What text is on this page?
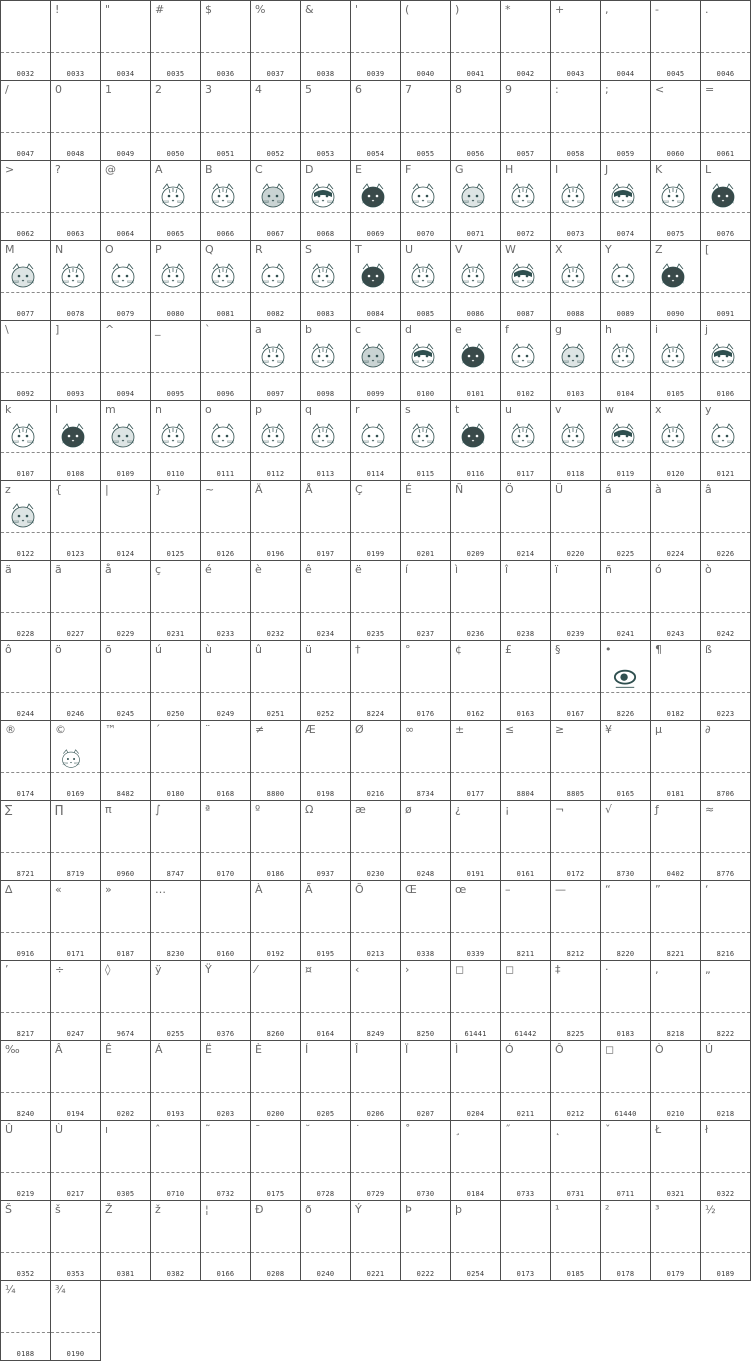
0032
!
0033
"
0034
#
0035
$
0036
%
0037
&
0038
'
0039
(
0040
)
0041
*
0042
+
0043
,
0044
-
0045
.
0046
/
0047
0
0048
1
0049
2
0050
3
0051
4
0052
5
0053
6
0054
7
0055
8
0056
9
0057
:
0058
;
0059
<
0060
=
0061
>
0062
?
0063
@
0064
A
0065
B
0066
C
0067
D
0068
E
0069
F
0070
G
0071
H
0072
I
0073
J
0074
K
0075
L
0076
M
0077
N
0078
O
0079
P
0080
Q
0081
R
0082
S
0083
T
0084
U
0085
V
0086
W
0087
X
0088
Y
0089
Z
0090
[
0091
\
0092
]
0093
^
0094
_
0095
`
0096
a
0097
b
0098
c
0099
d
0100
e
0101
f
0102
g
0103
h
0104
i
0105
j
0106
k
0107
l
0108
m
0109
n
0110
o
0111
p
0112
q
0113
r
0114
s
0115
t
0116
u
0117
v
0118
w
0119
x
0120
y
0121
z
0122
{
0123
|
0124
}
0125
~
0126
Ä
0196
Å
0197
Ç
0199
É
0201
Ñ
0209
Ö
0214
Ü
0220
á
0225
à
0224
â
0226
ä
0228
ã
0227
å
0229
ç
0231
é
0233
è
0232
ê
0234
ë
0235
í
0237
ì
0236
î
0238
ï
0239
ñ
0241
ó
0243
ò
0242
ô
0244
ö
0246
õ
0245
ú
0250
ù
0249
û
0251
ü
0252
†
8224
°
0176
¢
0162
£
0163
§
0167
•
8226
¶
0182
ß
0223
®
0174
©
0169
™
8482
´
0180
¨
0168
≠
8800
Æ
0198
Ø
0216
∞
8734
±
0177
≤
8804
≥
8805
¥
0165
µ
0181
∂
8706
∑
8721
∏
8719
π
0960
∫
8747
ª
0170
º
0186
Ω
0937
æ
0230
ø
0248
¿
0191
¡
0161
¬
0172
√
8730
ƒ
0402
≈
8776
∆
0916
«
0171
»
0187
…
8230	0160
À
0192
Ã
0195
Õ
0213
Œ
0338
œ
0339
–
8211
—
8212
“
8220
”
8221
‘
8216
’
8217
÷
0247
◊
9674
ÿ
0255
Ÿ
0376
⁄
8260
¤
0164
‹
8249
›
8250
◻
61441
◻
61442
‡
8225
·
0183
‚
8218
„
8222
‰
8240
Â
0194
Ê
0202
Á
0193
Ë
0203
È
0200
Í
0205
Î
0206
Ï
0207
Ì
0204
Ó
0211
Ô
0212
◻
61440
Ò
0210
Ú
0218
Û
0219
Ù
0217
ı
0305
ˆ
0710
˜
0732
¯
0175
˘
0728
˙
0729
˚
0730
¸
0184
˝
0733
˛
0731
ˇ
0711
Ł
0321
ł
0322
Š
0352
š
0353
Ž
0381
ž
0382
¦
0166
Ð
0208
ð
0240
Ý
0221
Þ
0222
þ
0254	0173
¹
0185
²
0178
³
0179
½
0189
¼
0188
¾
0190
